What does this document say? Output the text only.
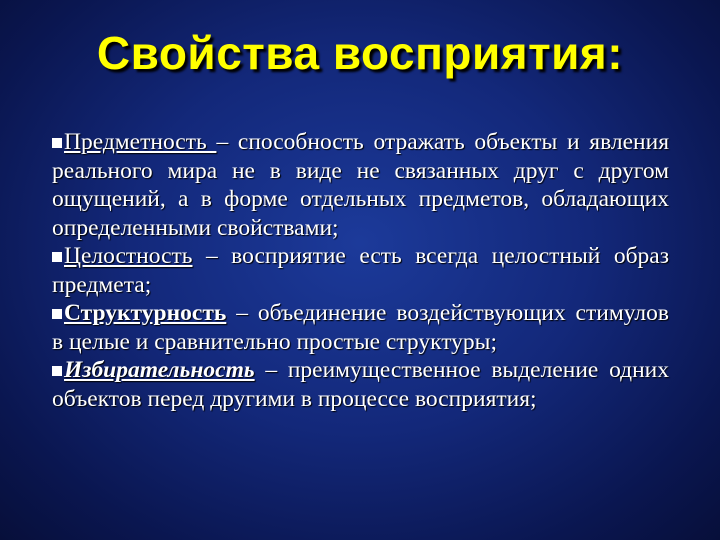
Свойства восприятия:

Предметность – способность отражать объекты и явления реального мира не в виде не связанных друг с другом ощущений, а в форме отдельных предметов, обладающих определенными свойствами;

Целостность – восприятие есть всегда целостный образ предмета;

Структурность – объединение воздействующих стимулов в целые и сравнительно простые структуры;

Избирательность – преимущественное выделение одних объектов перед другими в процессе восприятия;
